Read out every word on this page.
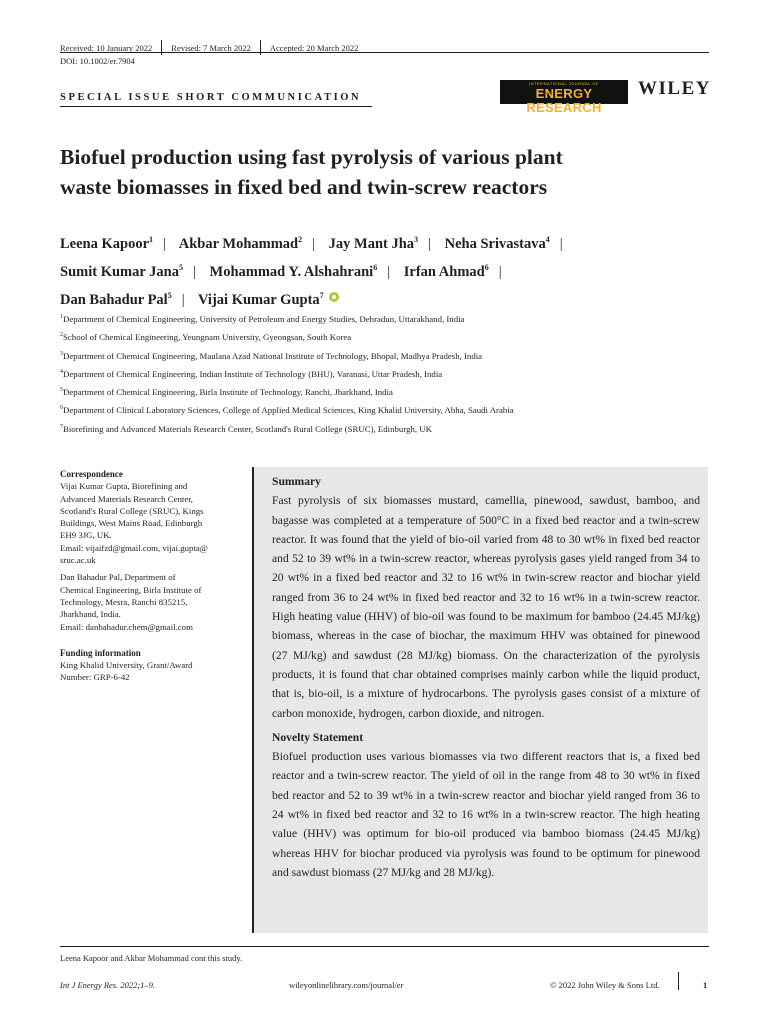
Received: 10 January 2022 Revised: 7 March 2022 Accepted: 20 March 2022
DOI: 10.1002/er.7904
SPECIAL ISSUE SHORT COMMUNICATION
INTERNATIONAL JOURNAL OF
ENERGY RESEARCH
WILEY
Biofuel production using fast pyrolysis of various plant
waste biomasses in fixed bed and twin-screw reactors
Leena Kapoor$^1$ | Akbar Mohammad$^2$ | Jay Mant Jha$^3$ | Neha Srivastava$^4$ |
Sumit Kumar Jana$^5$ | Mohammad Y. Alshahrani$^6$ | Irfan Ahmad$^6$ |
Dan Bahadur Pal$^5$ | Vijai Kumar Gupta$^7$
$^1$Department of Chemical Engineering, University of Petroleum and Energy Studies, Dehradun, Uttarakhand, India
$^2$School of Chemical Engineering, Yeungnam University, Gyeongsan, South Korea
$^3$Department of Chemical Engineering, Maulana Azad National Institute of Technology, Bhopal, Madhya Pradesh, India
$^4$Department of Chemical Engineering, Indian Institute of Technology (BHU), Varanasi, Uttar Pradesh, India
$^5$Department of Chemical Engineering, Birla Institute of Technology, Ranchi, Jharkhand, India
$^6$Department of Clinical Laboratory Sciences, College of Applied Medical Sciences, King Khalid University, Abha, Saudi Arabia
$^7$Biorefining and Advanced Materials Research Center, Scotland's Rural College (SRUC), Edinburgh, UK
Correspondence
Vijai Kumar Gupta, Biorefining and
Advanced Materials Research Center,
Scotland's Rural College (SRUC), Kings
Buildings, West Mains Road, Edinburgh
EH9 3JG, UK.
Email: vijaifzd@gmail.com, vijai.gupta@
sruc.ac.uk
Dan Bahadur Pal, Department of
Chemical Engineering, Birla Institute of
Technology, Mesra, Ranchi 835215,
Jharkhand, India.
Email: danbahadur.chem@gmail.com
Funding information
King Khalid University, Grant/Award
Number: GRP-6-42
Summary

Fast pyrolysis of six biomasses mustard, camellia, pinewood, sawdust, bamboo, and bagasse was completed at a temperature of 500°C in a fixed bed reactor and a twin-screw reactor. It was found that the yield of bio-oil varied from 48 to 30 wt% in fixed bed reactor and 52 to 39 wt% in a twin-screw reactor, whereas pyrolysis gases yield ranged from 34 to 20 wt% in a fixed bed reactor and 32 to 16 wt% in twin-screw reactor and biochar yield ranged from 36 to 24 wt% in fixed bed reactor and 32 to 16 wt% in a twin-screw reactor. High heating value (HHV) of bio-oil was found to be maximum for bamboo (24.45 MJ/kg) biomass, whereas in the case of biochar, the maximum HHV was obtained for pinewood (27 MJ/kg) and sawdust (28 MJ/kg) biomass. On the characterization of the pyrolysis products, it is found that char obtained comprises mainly carbon while the liquid product, that is, bio-oil, is a mixture of hydrocarbons. The pyrolysis gases consist of a mixture of carbon monoxide, hydrogen, carbon dioxide, and nitrogen.

Novelty Statement

Biofuel production uses various biomasses via two different reactors that is, a fixed bed reactor and a twin-screw reactor. The yield of oil in the range from 48 to 30 wt% in fixed bed reactor and 52 to 39 wt% in a twin-screw reactor and biochar yield ranged from 36 to 24 wt% in fixed bed reactor and 32 to 16 wt% in a twin-screw reactor. The high heating value (HHV) was optimum for bio-oil produced via bamboo biomass (24.45 MJ/kg) whereas HHV for biochar produced via pyrolysis was found to be optimum for pinewood and sawdust biomass (27 MJ/kg and 28 MJ/kg).

Leena Kapoor and Akbar Mohammad cont this study.
Int J Energy Res. 2022;1–9.	wileyonlinelibrary.com/journal/er	© 2022 John Wiley & Sons Ltd.	1
